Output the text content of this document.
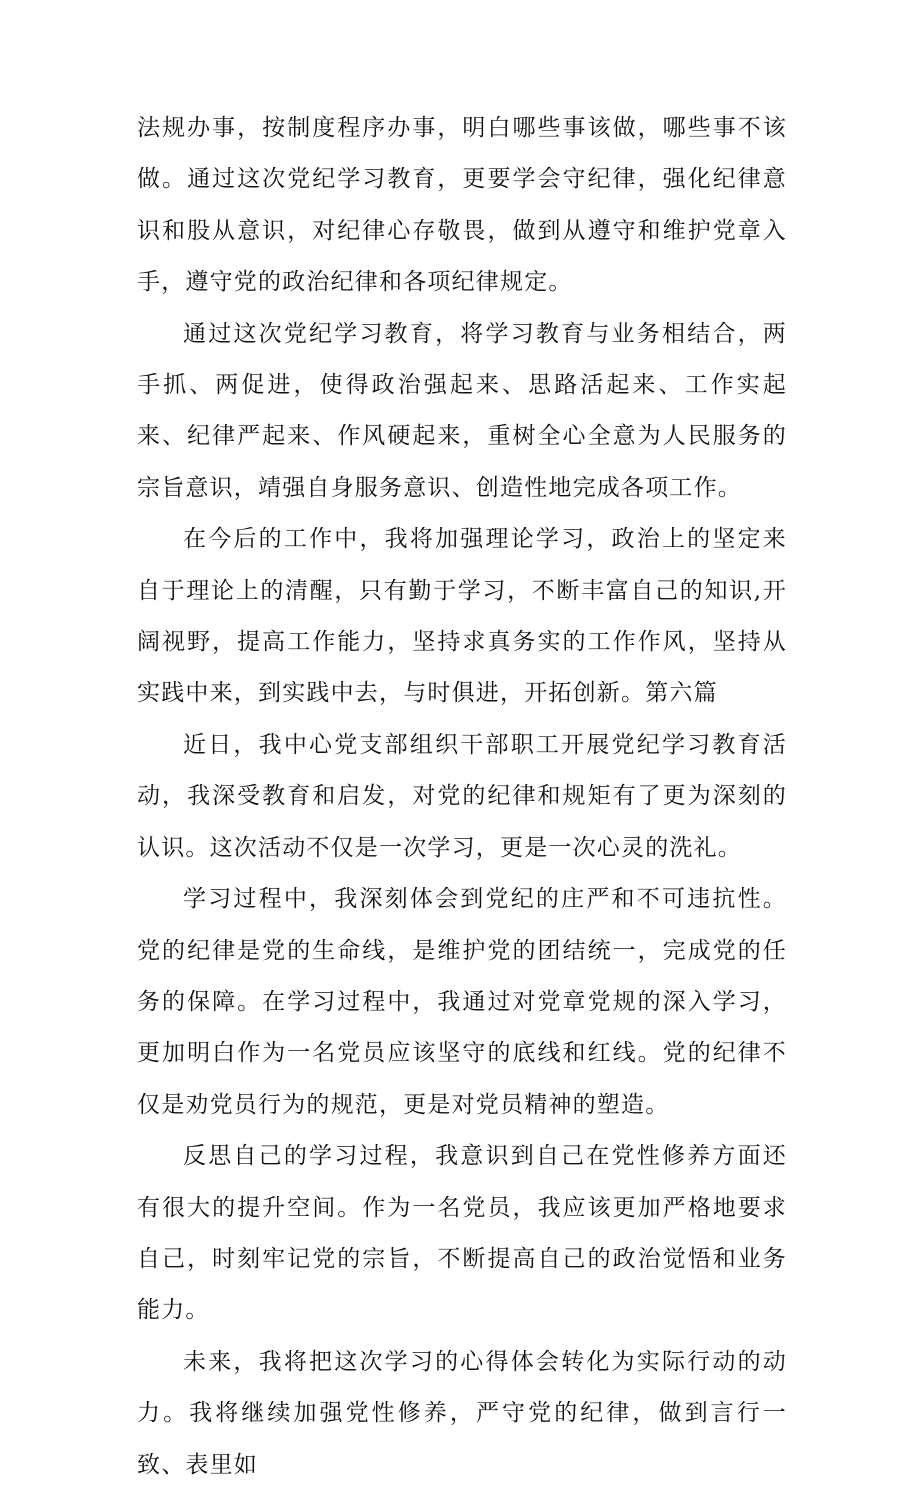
法规办事，按制度程序办事，明白哪些事该做，哪些事不该做。通过这次党纪学习教育，更要学会守纪律，强化纪律意识和股从意识，对纪律心存敬畏，做到从遵守和维护党章入手，遵守党的政治纪律和各项纪律规定。

通过这次党纪学习教育，将学习教育与业务相结合，两手抓、两促进，使得政治强起来、思路活起来、工作实起来、纪律严起来、作风硬起来，重树全心全意为人民服务的宗旨意识，靖强自身服务意识、创造性地完成各项工作。

在今后的工作中，我将加强理论学习，政治上的坚定来自于理论上的清醒，只有勤于学习，不断丰富自己的知识,开阔视野，提高工作能力，坚持求真务实的工作作风，坚持从实践中来，到实践中去，与时俱进，开拓创新。第六篇

近日，我中心党支部组织干部职工开展党纪学习教育活动，我深受教育和启发，对党的纪律和规矩有了更为深刻的认识。这次活动不仅是一次学习，更是一次心灵的洗礼。

学习过程中，我深刻体会到党纪的庄严和不可违抗性。党的纪律是党的生命线，是维护党的团结统一，完成党的任务的保障。在学习过程中，我通过对党章党规的深入学习，更加明白作为一名党员应该坚守的底线和红线。党的纪律不仅是劝党员行为的规范，更是对党员精神的塑造。

反思自己的学习过程，我意识到自己在党性修养方面还有很大的提升空间。作为一名党员，我应该更加严格地要求自己，时刻牢记党的宗旨，不断提高自己的政治觉悟和业务能力。

未来，我将把这次学习的心得体会转化为实际行动的动力。我将继续加强党性修养，严守党的纪律，做到言行一致、表里如
